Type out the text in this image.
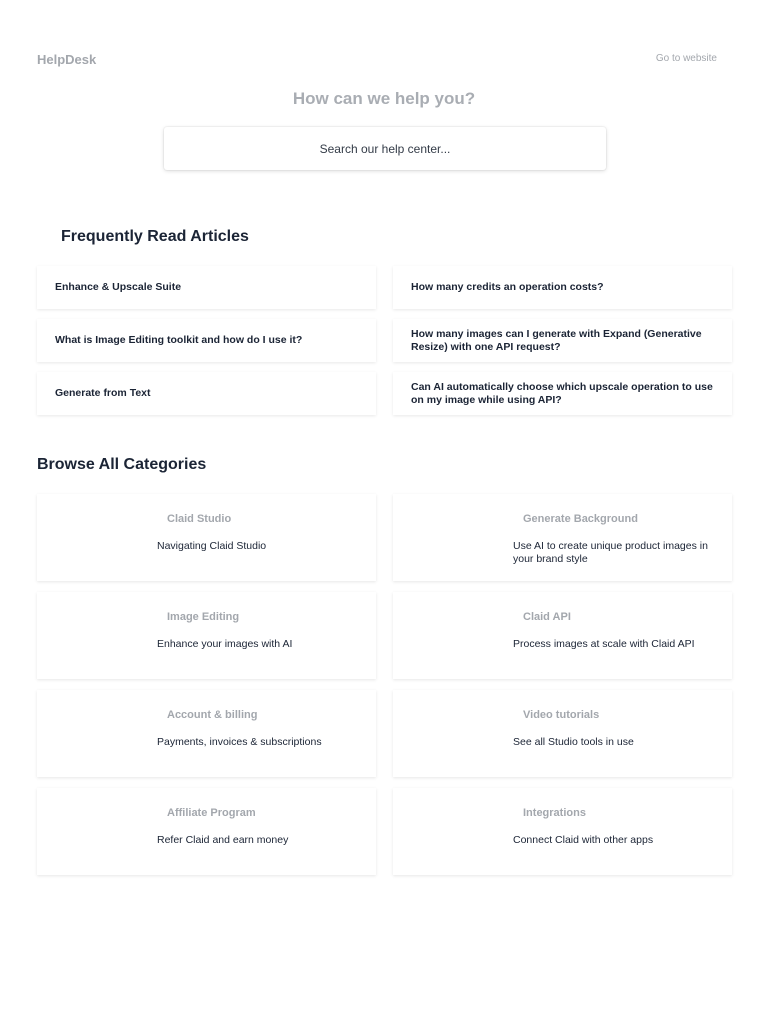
HelpDesk	Go to website
How can we help you?
Search our help center...
Frequently Read Articles
Enhance & Upscale Suite	How many credits an operation costs?
What is Image Editing toolkit and how do I use it?
How many images can I generate with Expand (Generative Resize) with one API request?
Generate from Text
Can AI automatically choose which upscale operation to use on my image while using API?
Browse All Categories
Claid Studio
Navigating Claid Studio
Generate Background
Use AI to create unique product images in your brand style
Image Editing
Enhance your images with AI
Claid API
Process images at scale with Claid API
Account & billing
Payments, invoices & subscriptions
Video tutorials
See all Studio tools in use
Affiliate Program
Refer Claid and earn money
Integrations
Connect Claid with other apps
